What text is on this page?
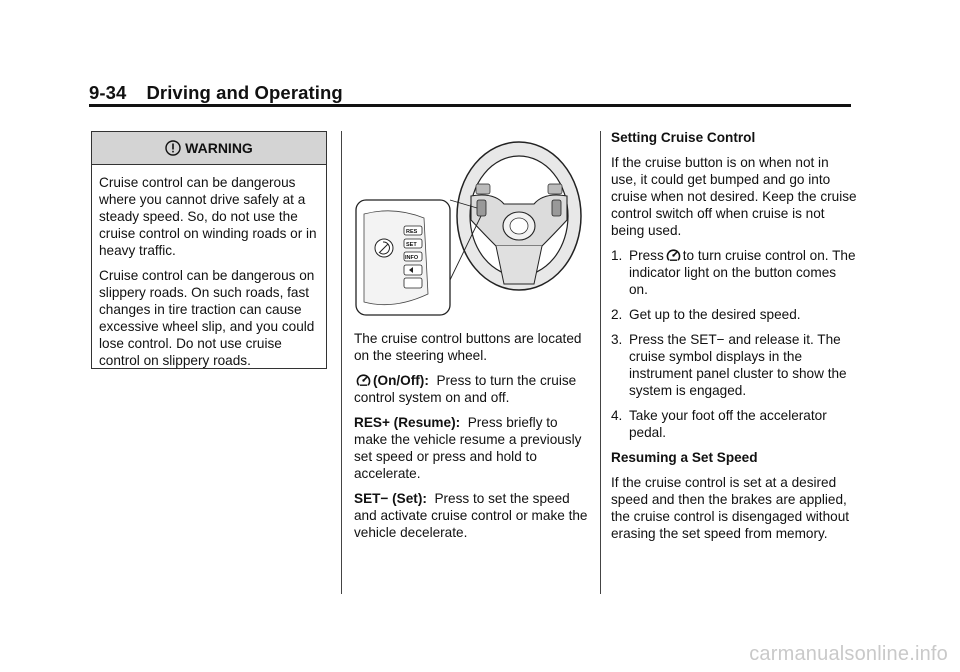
9-34 Driving and Operating
WARNING

Cruise control can be dangerous where you cannot drive safely at a steady speed. So, do not use the cruise control on winding roads or in heavy traffic.

Cruise control can be dangerous on slippery roads. On such roads, fast changes in tire traction can cause excessive wheel slip, and you could lose control. Do not use cruise control on slippery roads.

RES
SET
INFO

The cruise control buttons are located on the steering wheel.

(On/Off): Press to turn the cruise control system on and off.

RES+ (Resume): Press briefly to make the vehicle resume a previously set speed or press and hold to accelerate.

SET− (Set): Press to set the speed and activate cruise control or make the vehicle decelerate.

Setting Cruise Control

If the cruise button is on when not in use, it could get bumped and go into cruise when not desired. Keep the cruise control switch off when cruise is not being used.

1. Press to turn cruise control on. The indicator light on the button comes on.
2. Get up to the desired speed.
3. Press the SET− and release it. The cruise symbol displays in the instrument panel cluster to show the system is engaged.
4. Take your foot off the accelerator pedal.

Resuming a Set Speed

If the cruise control is set at a desired speed and then the brakes are applied, the cruise control is disengaged without erasing the set speed from memory.

carmanualsonline.info
